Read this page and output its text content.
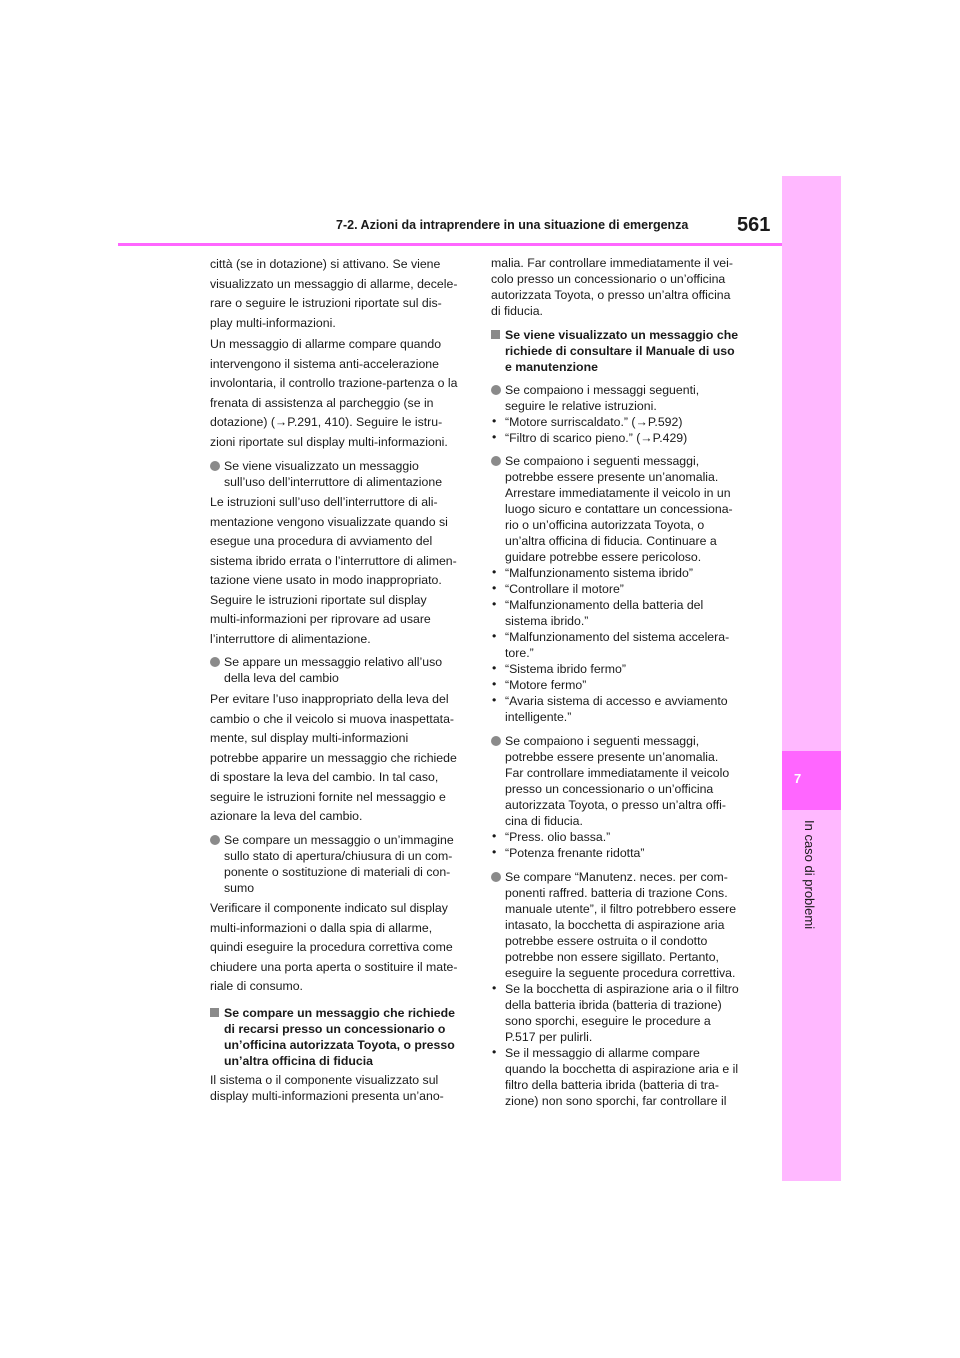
7-2. Azioni da intraprendere in una situazione di emergenza 561
7
In caso di problemi
città (se in dotazione) si attivano. Se viene
visualizzato un messaggio di allarme, decele-
rare o seguire le istruzioni riportate sul dis-
play multi-informazioni.
Un messaggio di allarme compare quando
intervengono il sistema anti-accelerazione
involontaria, il controllo trazione-partenza o la
frenata di assistenza al parcheggio (se in
dotazione) (→P.291, 410). Seguire le istru-
zioni riportate sul display multi-informazioni.
Se viene visualizzato un messaggio
sull’uso dell’interruttore di alimentazione
Le istruzioni sull’uso dell’interruttore di ali-
mentazione vengono visualizzate quando si
esegue una procedura di avviamento del
sistema ibrido errata o l’interruttore di alimen-
tazione viene usato in modo inappropriato.
Seguire le istruzioni riportate sul display
multi-informazioni per riprovare ad usare
l’interruttore di alimentazione.
Se appare un messaggio relativo all’uso
della leva del cambio
Per evitare l’uso inappropriato della leva del
cambio o che il veicolo si muova inaspettata-
mente, sul display multi-informazioni
potrebbe apparire un messaggio che richiede
di spostare la leva del cambio. In tal caso,
seguire le istruzioni fornite nel messaggio e
azionare la leva del cambio.
Se compare un messaggio o un’immagine
sullo stato di apertura/chiusura di un com-
ponente o sostituzione di materiali di con-
sumo
Verificare il componente indicato sul display
multi-informazioni o dalla spia di allarme,
quindi eseguire la procedura correttiva come
chiudere una porta aperta o sostituire il mate-
riale di consumo.
Se compare un messaggio che richiede
di recarsi presso un concessionario o
un’officina autorizzata Toyota, o presso
un’altra officina di fiducia
Il sistema o il componente visualizzato sul
display multi-informazioni presenta un’ano-
malia. Far controllare immediatamente il vei-
colo presso un concessionario o un’officina
autorizzata Toyota, o presso un’altra officina
di fiducia.
Se viene visualizzato un messaggio che
richiede di consultare il Manuale di uso
e manutenzione
Se compaiono i messaggi seguenti,
seguire le relative istruzioni.
• “Motore surriscaldato.” (→P.592)
• “Filtro di scarico pieno.” (→P.429)
Se compaiono i seguenti messaggi,
potrebbe essere presente un’anomalia.
Arrestare immediatamente il veicolo in un
luogo sicuro e contattare un concessiona-
rio o un’officina autorizzata Toyota, o
un’altra officina di fiducia. Continuare a
guidare potrebbe essere pericoloso.
• “Malfunzionamento sistema ibrido”
• “Controllare il motore”
• “Malfunzionamento della batteria del
sistema ibrido.”
• “Malfunzionamento del sistema accelera-
tore.”
• “Sistema ibrido fermo”
• “Motore fermo”
• “Avaria sistema di accesso e avviamento
intelligente.”
Se compaiono i seguenti messaggi,
potrebbe essere presente un’anomalia.
Far controllare immediatamente il veicolo
presso un concessionario o un’officina
autorizzata Toyota, o presso un’altra offi-
cina di fiducia.
• “Press. olio bassa.”
• “Potenza frenante ridotta”
Se compare “Manutenz. neces. per com-
ponenti raffred. batteria di trazione Cons.
manuale utente”, il filtro potrebbero essere
intasato, la bocchetta di aspirazione aria
potrebbe essere ostruita o il condotto
potrebbe non essere sigillato. Pertanto,
eseguire la seguente procedura correttiva.
• Se la bocchetta di aspirazione aria o il filtro
della batteria ibrida (batteria di trazione)
sono sporchi, eseguire le procedure a
P.517 per pulirli.
• Se il messaggio di allarme compare
quando la bocchetta di aspirazione aria e il
filtro della batteria ibrida (batteria di tra-
zione) non sono sporchi, far controllare il
